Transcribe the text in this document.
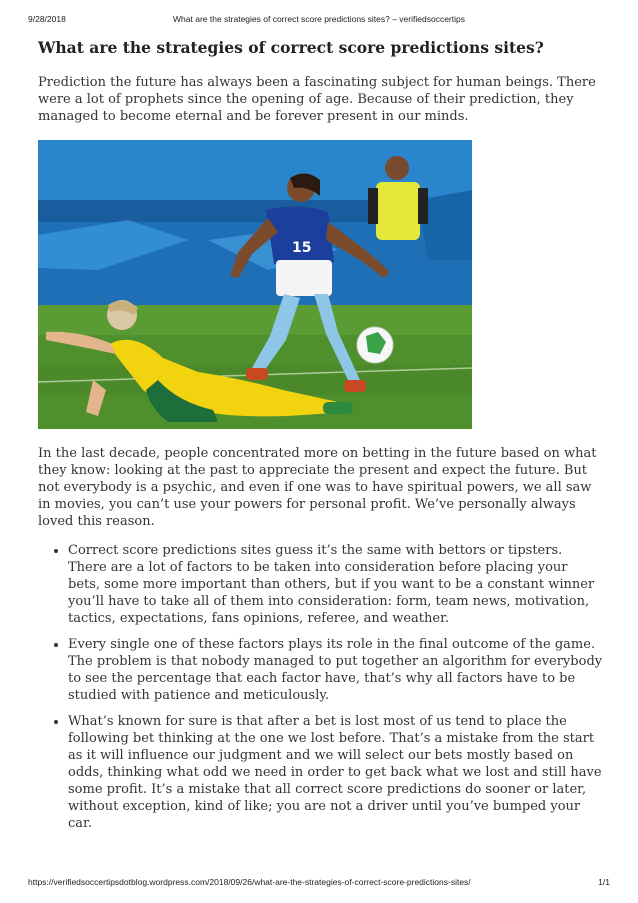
9/28/2018	What are the strategies of correct score predictions sites? – verifiedsoccertips
What are the strategies of correct score predictions sites?

Prediction the future has always been a fascinating subject for human beings. There were a lot of prophets since the opening of age. Because of their prediction, they managed to become eternal and be forever present in our minds.

15

In the last decade, people concentrated more on betting in the future based on what they know: looking at the past to appreciate the present and expect the future. But not everybody is a psychic, and even if one was to have spiritual powers, we all saw in movies, you can’t use your powers for personal profit. We’ve personally always loved this reason.

• Correct score predictions sites guess it’s the same with bettors or tipsters. There are a lot of factors to be taken into consideration before placing your bets, some more important than others, but if you want to be a constant winner you’ll have to take all of them into consideration: form, team news, motivation, tactics, expectations, fans opinions, referee, and weather.
• Every single one of these factors plays its role in the final outcome of the game. The problem is that nobody managed to put together an algorithm for everybody to see the percentage that each factor have, that’s why all factors have to be studied with patience and meticulously.
• What’s known for sure is that after a bet is lost most of us tend to place the following bet thinking at the one we lost before. That’s a mistake from the start as it will influence our judgment and we will select our bets mostly based on odds, thinking what odd we need in order to get back what we lost and still have some profit. It’s a mistake that all correct score predictions do sooner or later, without exception, kind of like; you are not a driver until you’ve bumped your car.
https://verifiedsoccertipsdotblog.wordpress.com/2018/09/26/what-are-the-strategies-of-correct-score-predictions-sites/	1/1
